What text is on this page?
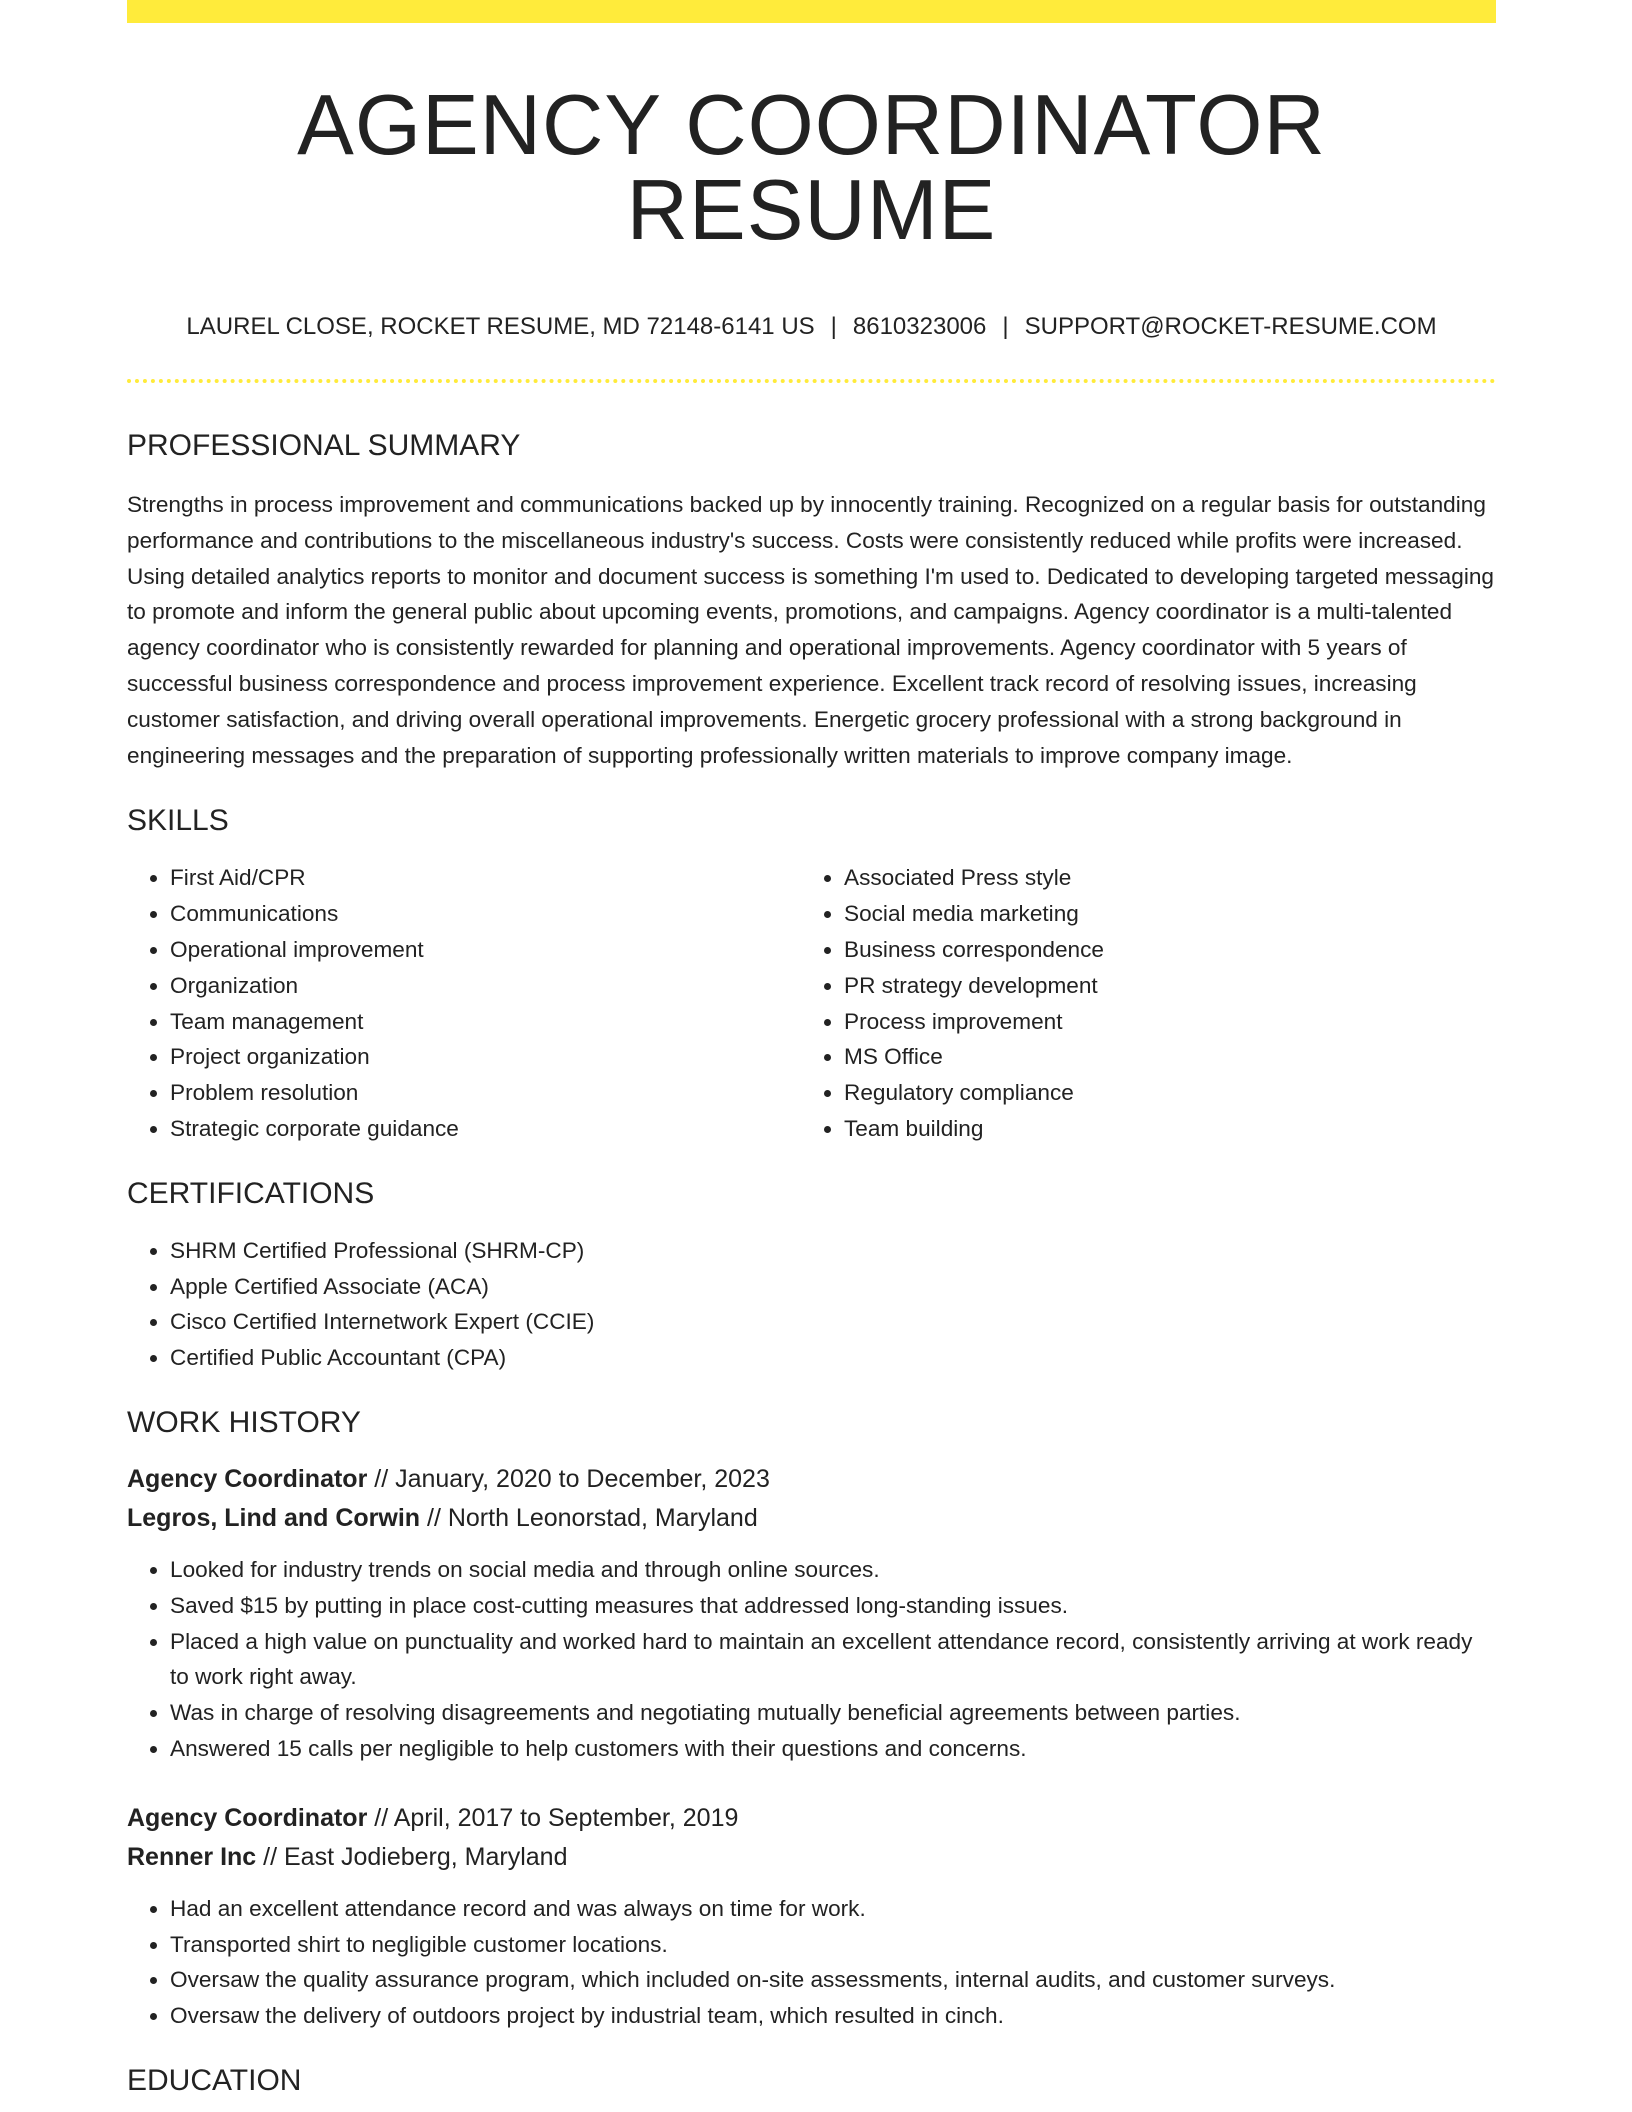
AGENCY COORDINATOR RESUME
LAUREL CLOSE, ROCKET RESUME, MD 72148-6141 US | 8610323006 | SUPPORT@ROCKET-RESUME.COM
PROFESSIONAL SUMMARY

Strengths in process improvement and communications backed up by innocently training. Recognized on a regular basis for outstanding performance and contributions to the miscellaneous industry's success. Costs were consistently reduced while profits were increased. Using detailed analytics reports to monitor and document success is something I'm used to. Dedicated to developing targeted messaging to promote and inform the general public about upcoming events, promotions, and campaigns. Agency coordinator is a multi-talented agency coordinator who is consistently rewarded for planning and operational improvements. Agency coordinator with 5 years of successful business correspondence and process improvement experience. Excellent track record of resolving issues, increasing customer satisfaction, and driving overall operational improvements. Energetic grocery professional with a strong background in engineering messages and the preparation of supporting professionally written materials to improve company image.

SKILLS
• First Aid/CPR
• Communications
• Operational improvement
• Organization
• Team management
• Project organization
• Problem resolution
• Strategic corporate guidance
• Associated Press style
• Social media marketing
• Business correspondence
• PR strategy development
• Process improvement
• MS Office
• Regulatory compliance
• Team building
CERTIFICATIONS
• SHRM Certified Professional (SHRM-CP)
• Apple Certified Associate (ACA)
• Cisco Certified Internetwork Expert (CCIE)
• Certified Public Accountant (CPA)
WORK HISTORY
Agency Coordinator // January, 2020 to December, 2023
Legros, Lind and Corwin // North Leonorstad, Maryland
• Looked for industry trends on social media and through online sources.
• Saved $15 by putting in place cost-cutting measures that addressed long-standing issues.
• Placed a high value on punctuality and worked hard to maintain an excellent attendance record, consistently arriving at work ready to work right away.
• Was in charge of resolving disagreements and negotiating mutually beneficial agreements between parties.
• Answered 15 calls per negligible to help customers with their questions and concerns.
Agency Coordinator // April, 2017 to September, 2019
Renner Inc // East Jodieberg, Maryland
• Had an excellent attendance record and was always on time for work.
• Transported shirt to negligible customer locations.
• Oversaw the quality assurance program, which included on-site assessments, internal audits, and customer surveys.
• Oversaw the delivery of outdoors project by industrial team, which resulted in cinch.
EDUCATION
